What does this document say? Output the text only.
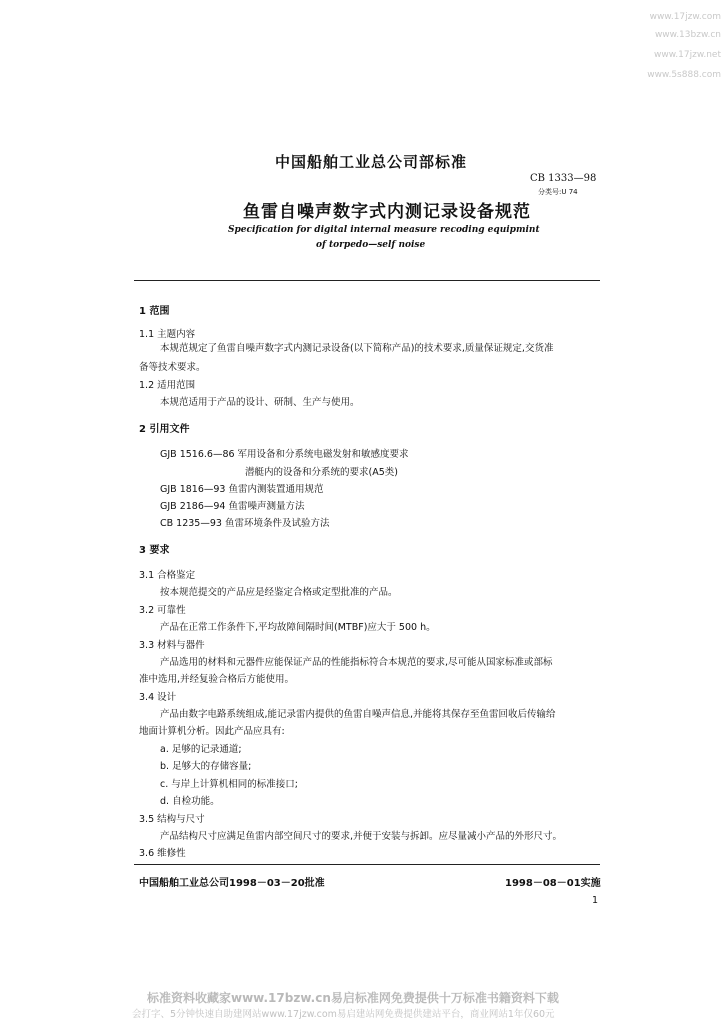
www.17jzw.com
www.13bzw.cn
www.17jzw.net
www.5s888.com
中国船舶工业总公司部标准
CB 1333—98
分类号:U 74
鱼雷自噪声数字式内测记录设备规范
Specification for digital internal measure recoding equipmint
of torpedo—self noise
1 范围
1.1 主题内容
本规范规定了鱼雷自噪声数字式内测记录设备(以下简称产品)的技术要求,质量保证规定,交货准
备等技术要求。
1.2 适用范围
本规范适用于产品的设计、研制、生产与使用。
2 引用文件
GJB 1516.6—86 军用设备和分系统电磁发射和敏感度要求
潜艇内的设备和分系统的要求(A5类)
GJB 1816—93 鱼雷内测装置通用规范
GJB 2186—94 鱼雷噪声测量方法
CB 1235—93 鱼雷环境条件及试验方法
3 要求
3.1 合格鉴定
按本规范提交的产品应是经鉴定合格或定型批准的产品。
3.2 可靠性
产品在正常工作条件下,平均故障间隔时间(MTBF)应大于 500 h。
3.3 材料与器件
产品选用的材料和元器件应能保证产品的性能指标符合本规范的要求,尽可能从国家标准或部标
准中选用,并经复验合格后方能使用。
3.4 设计
产品由数字电路系统组成,能记录雷内提供的鱼雷自噪声信息,并能将其保存至鱼雷回收后传输给
地面计算机分析。因此产品应具有:
a. 足够的记录通道;
b. 足够大的存储容量;
c. 与岸上计算机相同的标准接口;
d. 自检功能。
3.5 结构与尺寸
产品结构尺寸应满足鱼雷内部空间尺寸的要求,并便于安装与拆卸。应尽量减小产品的外形尺寸。
3.6 维修性
中国船舶工业总公司1998－03－20批准	1998－08－01实施
1
标准资料收藏家www.17bzw.cn易启标准网免费提供十万标准书籍资料下载
会打字、5分钟快速自助建网站www.17jzw.com易启建站网免费提供建站平台，商业网站1年仅60元
